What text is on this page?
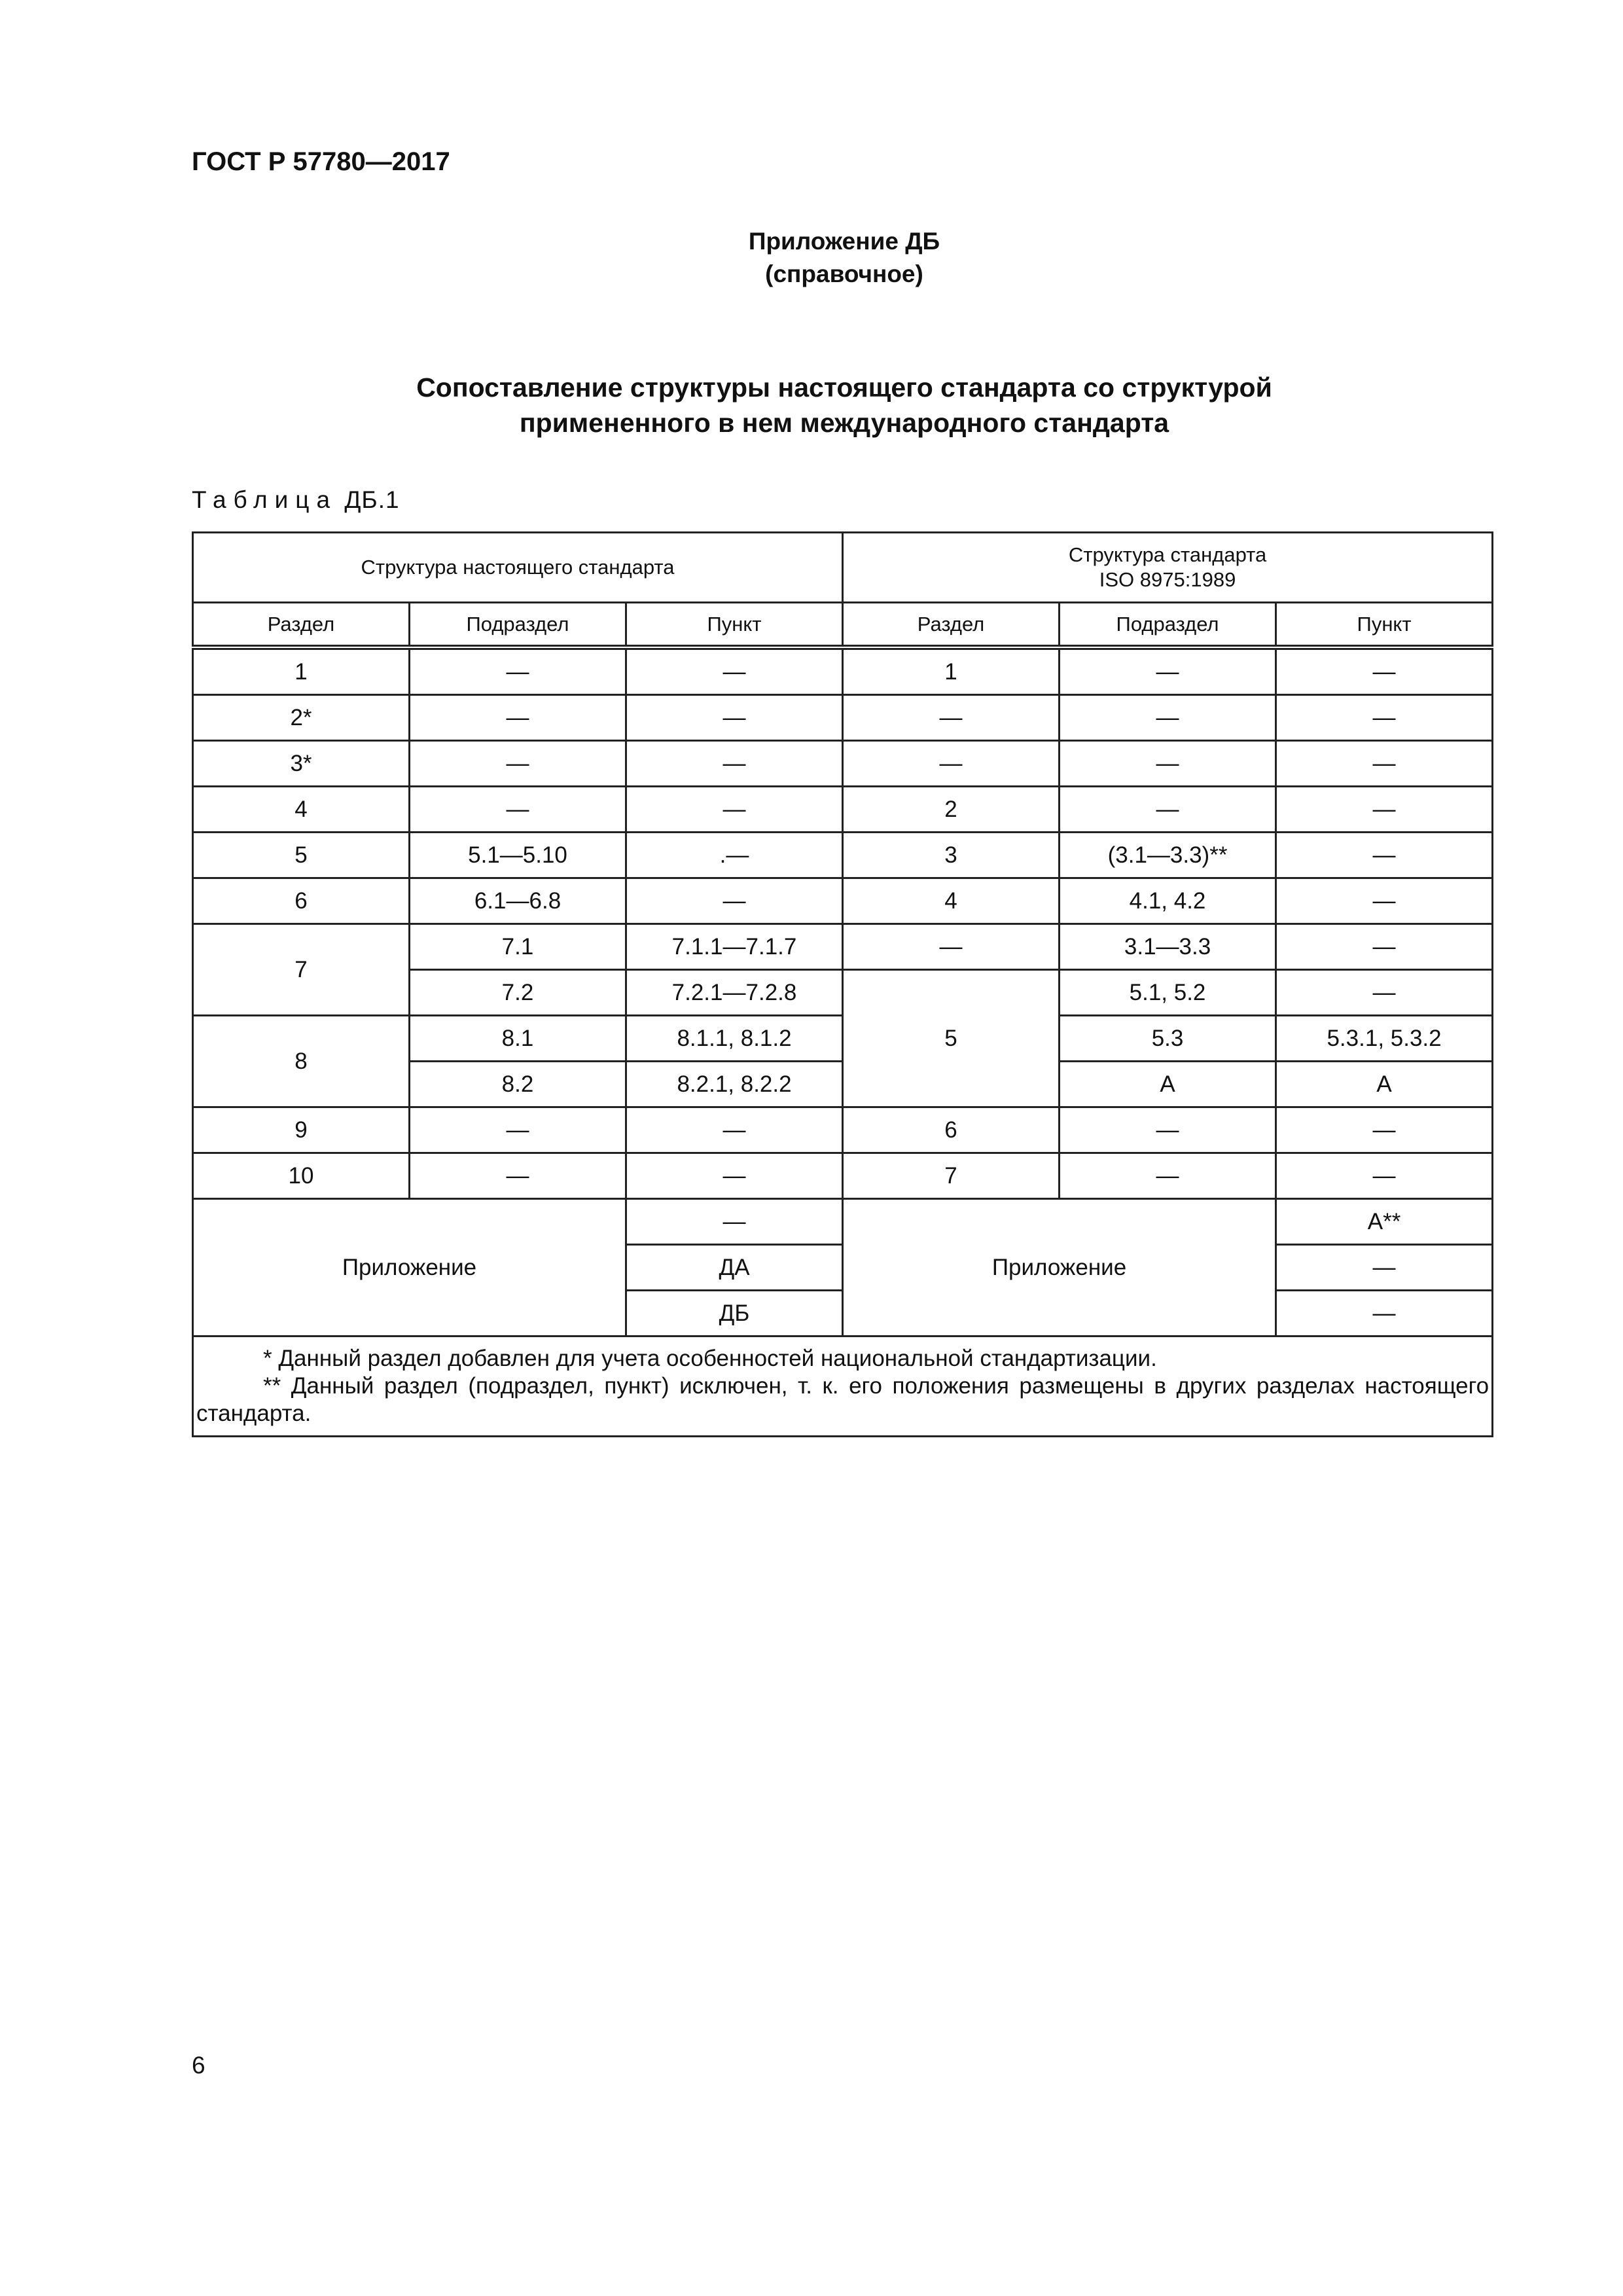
ГОСТ Р 57780—2017
Приложение ДБ
(справочное)
Сопоставление структуры настоящего стандарта со структурой
примененного в нем международного стандарта
Таблица ДБ.1
Структура настоящего стандарта			Структура стандарта
ISO 8975:1989		

Раздел	Подраздел	Пункт	Раздел	Подраздел	Пункт
1	—	—	1	—	—
2*	—	—	—	—	—
3*	—	—	—	—	—
4	—	—	2	—	—
5	5.1—5.10	.—	3	(3.1—3.3)**	—
6	6.1—6.8	—	4	4.1, 4.2	—
7	7.1	7.1.1—7.1.7	—	3.1—3.3	—
	7.2	7.2.1—7.2.8	5	5.1, 5.2	—
8	8.1	8.1.1, 8.1.2		5.3	5.3.1, 5.3.2
	8.2	8.2.1, 8.2.2		А	А
9	—	—	6	—	—
10	—	—	7	—	—
Приложение		—	Приложение		А**
		ДА			—
		ДБ			—

* Данный раздел добавлен для учета особенностей национальной стандартизации.
** Данный раздел (подраздел, пункт) исключен, т. к. его положения размещены в других разделах настоящего стандарта.					
6
